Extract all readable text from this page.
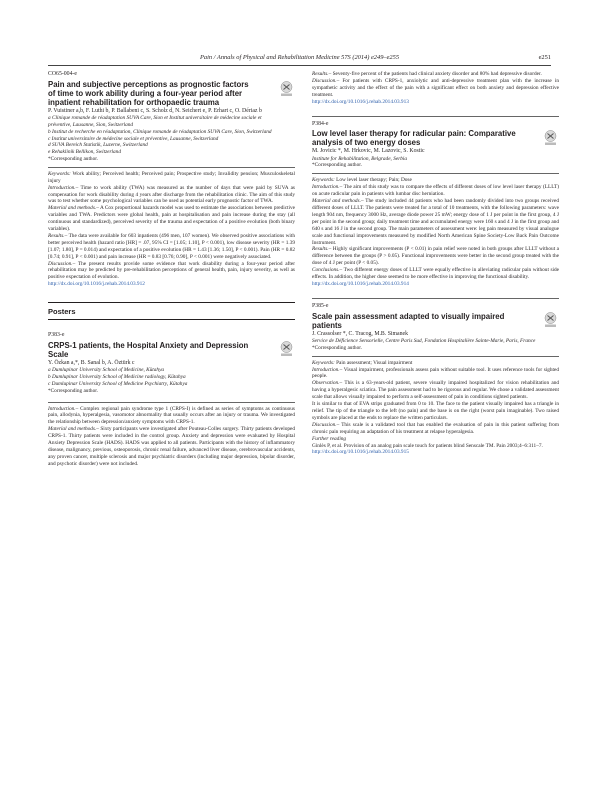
Pain / Annals of Physical and Rehabilitation Medicine 57S (2014) e249–e255	e251
CO65-004-e
Pain and subjective perceptions as prognostic factors of time to work ability during a four-year period after inpatient rehabilitation for orthopaedic trauma
P. Vuistiner a,b, F. Luthi b, P. Ballabeni c, S. Scholz d, N. Seichert e, P. Erhart c, O. Dériaz b
a Clinique romande de réadaptation SUVA Care, Sion et Institut universitaire de médecine sociale et préventive, Lausanne, Sion, Switzerland
b Institut de recherche en réadaptation, Clinique romande de réadaptation SUVA Care, Sion, Switzerland
c Institut universitaire de médecine sociale et préventive, Lausanne, Switzerland
d SUVA Bereich Statistik, Luzerne, Switzerland
e Rehaklinik Bellikon, Switzerland
*Corresponding author.

Keywords: Work ability; Perceived health; Perceived pain; Prospective study; Invalidity pension; Musculoskeletal injury

Introduction.– Time to work ability (TWA) was measured as the number of days that were paid by SUVA as compensation for work disability during 4 years after discharge from the rehabilitation clinic. The aim of this study was to test whether some psychological variables can be used as potential early prognostic factor of TWA.

Material and methods.– A Cox proportional hazards model was used to estimate the associations between predictive variables and TWA. Predictors were global health, pain at hospitalisation and pain increase during the stay (all continuous and standardized), perceived severity of the trauma and expectation of a positive evolution (both binary variables).

Results.– The data were available for 603 inpatients (496 men, 107 women). We observed positive associations with better perceived health (hazard ratio [HR] = .07, 95% CI = [1.05; 1.10], P < 0.001), low disease severity (HR = 1.39 [1.07; 1.80], P = 0.014) and expectation of a positive evolution (HR = 1.43 [1.36; 1.50], P < 0.001). Pain (HR = 0.82 [0.74; 0.91], P < 0.001) and pain increase (HR = 0.83 [0.76; 0.90], P < 0.001) were negatively associated.

Discussion.– The present results provide some evidence that work disability during a four-year period after rehabilitation may be predicted by pre-rehabilitation perceptions of general health, pain, injury severity, as well as positive expectation of evolution.

http://dx.doi.org/10.1016/j.rehab.2014.03.912
Posters
P383-e
CRPS-1 patients, the Hospital Anxiety and Depression Scale
Y. Özkan a,*, B. Sanal b, A. Öztürk c
a Dumlupinar University School of Medicine, Kütahya
b Dumlupinar University School of Medicine radiology, Kütahya
c Dumlupinar University School of Medicine Psychiatry, Kütahya
*Corresponding author.

Introduction.– Complex regional pain syndrome type 1 (CRPS-I) is defined as series of symptoms as continuous pain, allodynia, hyperalgesia, vasomotor abnormality that usually occurs after an injury or trauma. We investigated the relationship between depression/anxiety symptoms with CRPS-1.

Material and methods.– Sixty participants were investigated after Pouteau-Colles surgery. Thirty patients developed CRPS-1. Thirty patients were included in the control group. Anxiety and depression were evaluated by Hospital Anxiety Depression Scale (HADS). HADS was applied to all patients. Participants with the history of inflammatory disease, malignancy, previous, osteoporosis, chronic renal failure, advanced liver disease, cerebrovascular accidents, any proven cancer, multiple sclerosis and major psychiatric disorders (including major depression, bipolar disorder, and psychotic disorder) were not included.

Results.– Seventy-five percent of the patients had clinical anxiety disorder and 80% had depressive disorder.

Discussion.– For patients with CRPS-1, anxiolytic and anti-depressive treatment plan with the increase in sympathetic activity and the effect of the pain with a significant effect on both anxiety and depression effective treatment.

http://dx.doi.org/10.1016/j.rehab.2014.03.913
P384-e
Low level laser therapy for radicular pain: Comparative analysis of two energy doses
M. Jovicic *, M. Hrkovic, M. Lazovic, S. Kostic
Institute for Rehabilitation, Belgrade, Serbia
*Corresponding author.

Keywords: Low level laser therapy; Pain; Dose

Introduction.– The aim of this study was to compare the effects of different doses of low level laser therapy (LLLT) on acute radicular pain in patients with lumbar disc herniation.

Material and methods.– The study included 44 patients who had been randomly divided into two groups received different doses of LLLT. The patients were treated for a total of 10 treatments, with the following parameters: wave length 904 nm, frequency 3000 Hz, average diode power 25 mW; energy dose of 1 J per point in the first group, 4 J per point in the second group; daily treatment time and accumulated energy were 160 s and 4 J in the first group and 640 s and 16 J in the second group. The main parameters of assessment were: leg pain measured by visual analogue scale and functional improvements measured by modified North American Spine Society-Low Back Pain Outcome Instrument.

Results.– Highly significant improvements (P < 0.01) in pain relief were noted in both groups after LLLT without a difference between the groups (P > 0.05). Functional improvements were better in the second group treated with the dose of 4 J per point (P < 0.05).

Conclusions.– Two different energy doses of LLLT were equally effective in alleviating radicular pain without side effects. In addition, the higher dose seemed to be more effective in improving the functional disability.

http://dx.doi.org/10.1016/j.rehab.2014.03.914
P385-e
Scale pain assessment adapted to visually impaired patients
J. Crassolser *, C. Tracog, M.B. Simanek
Service de Déficience Sensorielle, Centre Paris Sud, Fondation Hospitalière Sainte-Marie, Paris, France
*Corresponding author.

Keywords: Pain assessment; Visual impairment

Introduction.– Visual impairment, professionals assess pain without suitable tool. It uses reference tools for sighted people.

Observation.– This is a 63-years-old patient, severe visually impaired hospitalized for vision rehabilitation and having a hyperalgesic sciatica. The pain assessment had to be rigorous and regular. We chose a validated assessment scale that allows visually impaired to perform a self-assessment of pain in conditions sighted patients.

It is similar to that of EVA strips graduated from 0 to 10. The face to the patient visually impaired has a triangle in relief. The tip of the triangle to the left (no pain) and the base is on the right (worst pain imaginable). Two raised symbols are placed at the ends to replace the written particulars.

Discussion.– This scale is a validated tool that has enabled the evaluation of pain in this patient suffering from chronic pain requiring an adaptation of his treatment at relapse hyperalgesia.

Further reading

Ginlès P, et al. Provision of an analog pain scale touch for patients blind Senscale TM. Pain 2003;4–6:311–7.

http://dx.doi.org/10.1016/j.rehab.2014.03.915
